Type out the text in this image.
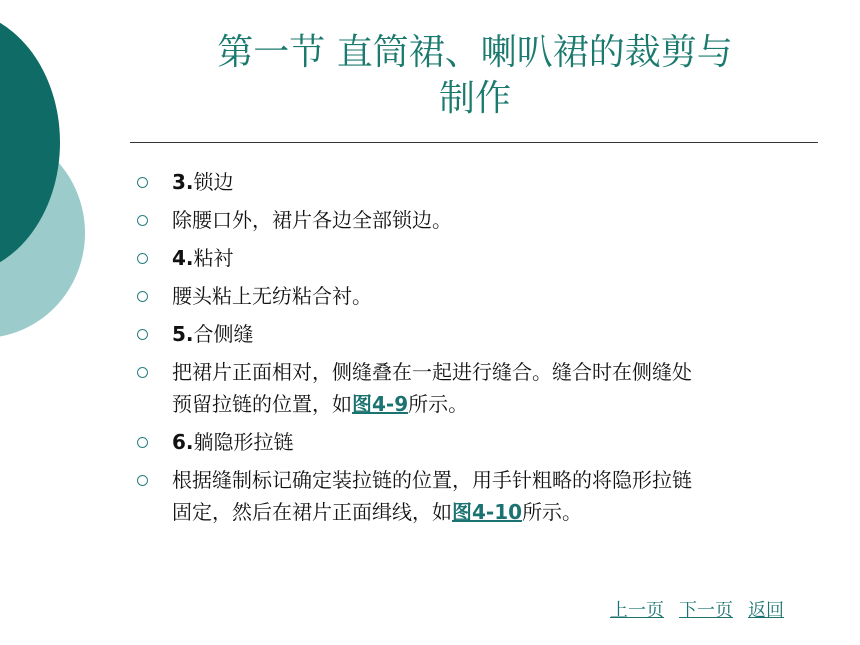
第一节 直筒裙、喇叭裙的裁剪与
制作
3.锁边
除腰口外，裙片各边全部锁边。
4.粘衬
腰头粘上无纺粘合衬。
5.合侧缝
把裙片正面相对，侧缝叠在一起进行缝合。缝合时在侧缝处
预留拉链的位置，如图4-9所示。
6.躺隐形拉链
根据缝制标记确定装拉链的位置，用手针粗略的将隐形拉链
固定，然后在裙片正面缉线，如图4-10所示。
上一页 下一页 返回
